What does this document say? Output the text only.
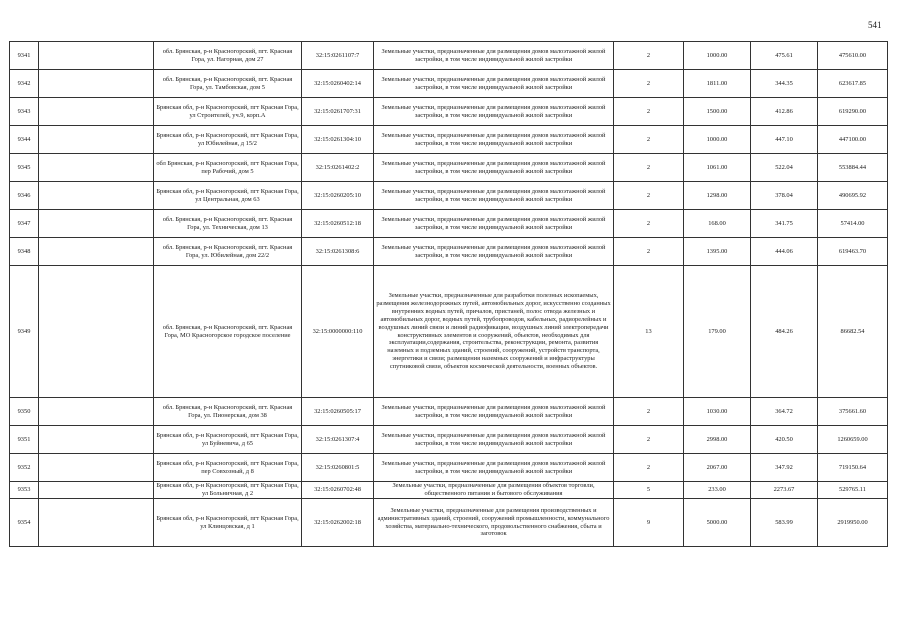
541
9341		обл. Брянская, р-н Красногорский, пгт. Красная Гора, ул. Нагорная, дом 27	32:15:0261107:7	Земельные участки, предназначенные для размещения домов малоэтажной жилой застройки, в том числе индивидуальной жилой застройки	2	1000.00	475.61	475610.00
9342		обл. Брянская, р-н Красногорский, пгт. Красная Гора, ул. Тамбовская, дом 5	32:15:0260402:14	Земельные участки, предназначенные для размещения домов малоэтажной жилой застройки, в том числе индивидуальной жилой застройки	2	1811.00	344.35	623617.85
9343		Брянская обл, р-н Красногорский, пгт Красная Гора, ул Строителей, уч.9, корп.А	32:15:0261707:31	Земельные участки, предназначенные для размещения домов малоэтажной жилой застройки, в том числе индивидуальной жилой застройки	2	1500.00	412.86	619290.00
9344		Брянская обл, р-н Красногорский, пгт Красная Гора, ул Юбилейная, д 15/2	32:15:0261304:10	Земельные участки, предназначенные для размещения домов малоэтажной жилой застройки, в том числе индивидуальной жилой застройки	2	1000.00	447.10	447100.00
9345		обл Брянская, р-н Красногорский, пгт Красная Гора, пер Рабочий, дом 5	32:15:0261402:2	Земельные участки, предназначенные для размещения домов малоэтажной жилой застройки, в том числе индивидуальной жилой застройки	2	1061.00	522.04	553884.44
9346		Брянская обл, р-н Красногорский, пгт Красная Гора, ул Центральная, дом 63	32:15:0260205:10	Земельные участки, предназначенные для размещения домов малоэтажной жилой застройки, в том числе индивидуальной жилой застройки	2	1298.00	378.04	490695.92
9347		обл. Брянская, р-н Красногорский, пгт. Красная Гора, ул. Техническая, дом 13	32:15:0260512:18	Земельные участки, предназначенные для размещения домов малоэтажной жилой застройки, в том числе индивидуальной жилой застройки	2	168.00	341.75	57414.00
9348		обл. Брянская, р-н Красногорский, пгт. Красная Гора, ул. Юбилейная, дом 22/2	32:15:0261308:6	Земельные участки, предназначенные для размещения домов малоэтажной жилой застройки, в том числе индивидуальной жилой застройки	2	1395.00	444.06	619463.70
9349		обл. Брянская, р-н Красногорский, пгт. Красная Гора, МО Красногорское городское поселение	32:15:0000000:110	Земельные участки, предназначенные для разработки полезных ископаемых, размещения железнодорожных путей, автомобильных дорог, искусственно созданных внутренних водных путей, причалов, пристаней, полос отвода железных и автомобильных дорог, водных путей, трубопроводов, кабельных, радиорелейных и воздушных линий связи и линий радиофикации, воздушных линий электропередачи конструктивных элементов и сооружений, объектов, необходимых для эксплуатации,содержания, строительства, реконструкции, ремонта, развития наземных и подземных зданий, строений, сооружений, устройств транспорта, энергетики и связи; размещения наземных сооружений и инфраструктуры спутниковой связи, объектов космической деятельности, военных объектов.	13	179.00	484.26	86682.54
9350		обл. Брянская, р-н Красногорский, пгт. Красная Гора, ул. Пионерская, дом 38	32:15:0260505:17	Земельные участки, предназначенные для размещения домов малоэтажной жилой застройки, в том числе индивидуальной жилой застройки	2	1030.00	364.72	375661.60
9351		Брянская обл, р-н Красногорский, пгт Красная Гора, ул Буйневича, д 65	32:15:0261307:4	Земельные участки, предназначенные для размещения домов малоэтажной жилой застройки, в том числе индивидуальной жилой застройки	2	2998.00	420.50	1260659.00
9352		Брянская обл, р-н Красногорский, пгт Красная Гора, пер Совхозный, д 8	32:15:0260801:5	Земельные участки, предназначенные для размещения домов малоэтажной жилой застройки, в том числе индивидуальной жилой застройки	2	2067.00	347.92	719150.64
9353		Брянская обл, р-н Красногорский, пгт Красная Гора, ул Больничная, д 2	32:15:0260702:48	Земельные участки, предназначенные для размещения объектов торговли, общественного питания и бытового обслуживания	5	233.00	2273.67	529765.11
9354		Брянская обл, р-н Красногорский, пгт Красная Гора, ул Клинцовская, д 1	32:15:0262002:18	Земельные участки, предназначенные для размещения производственных и административных зданий, строений, сооружений промышленности, коммунального хозяйства, материально-технического, продовольственного снабжения, сбыта и заготовок	9	5000.00	583.99	2919950.00
